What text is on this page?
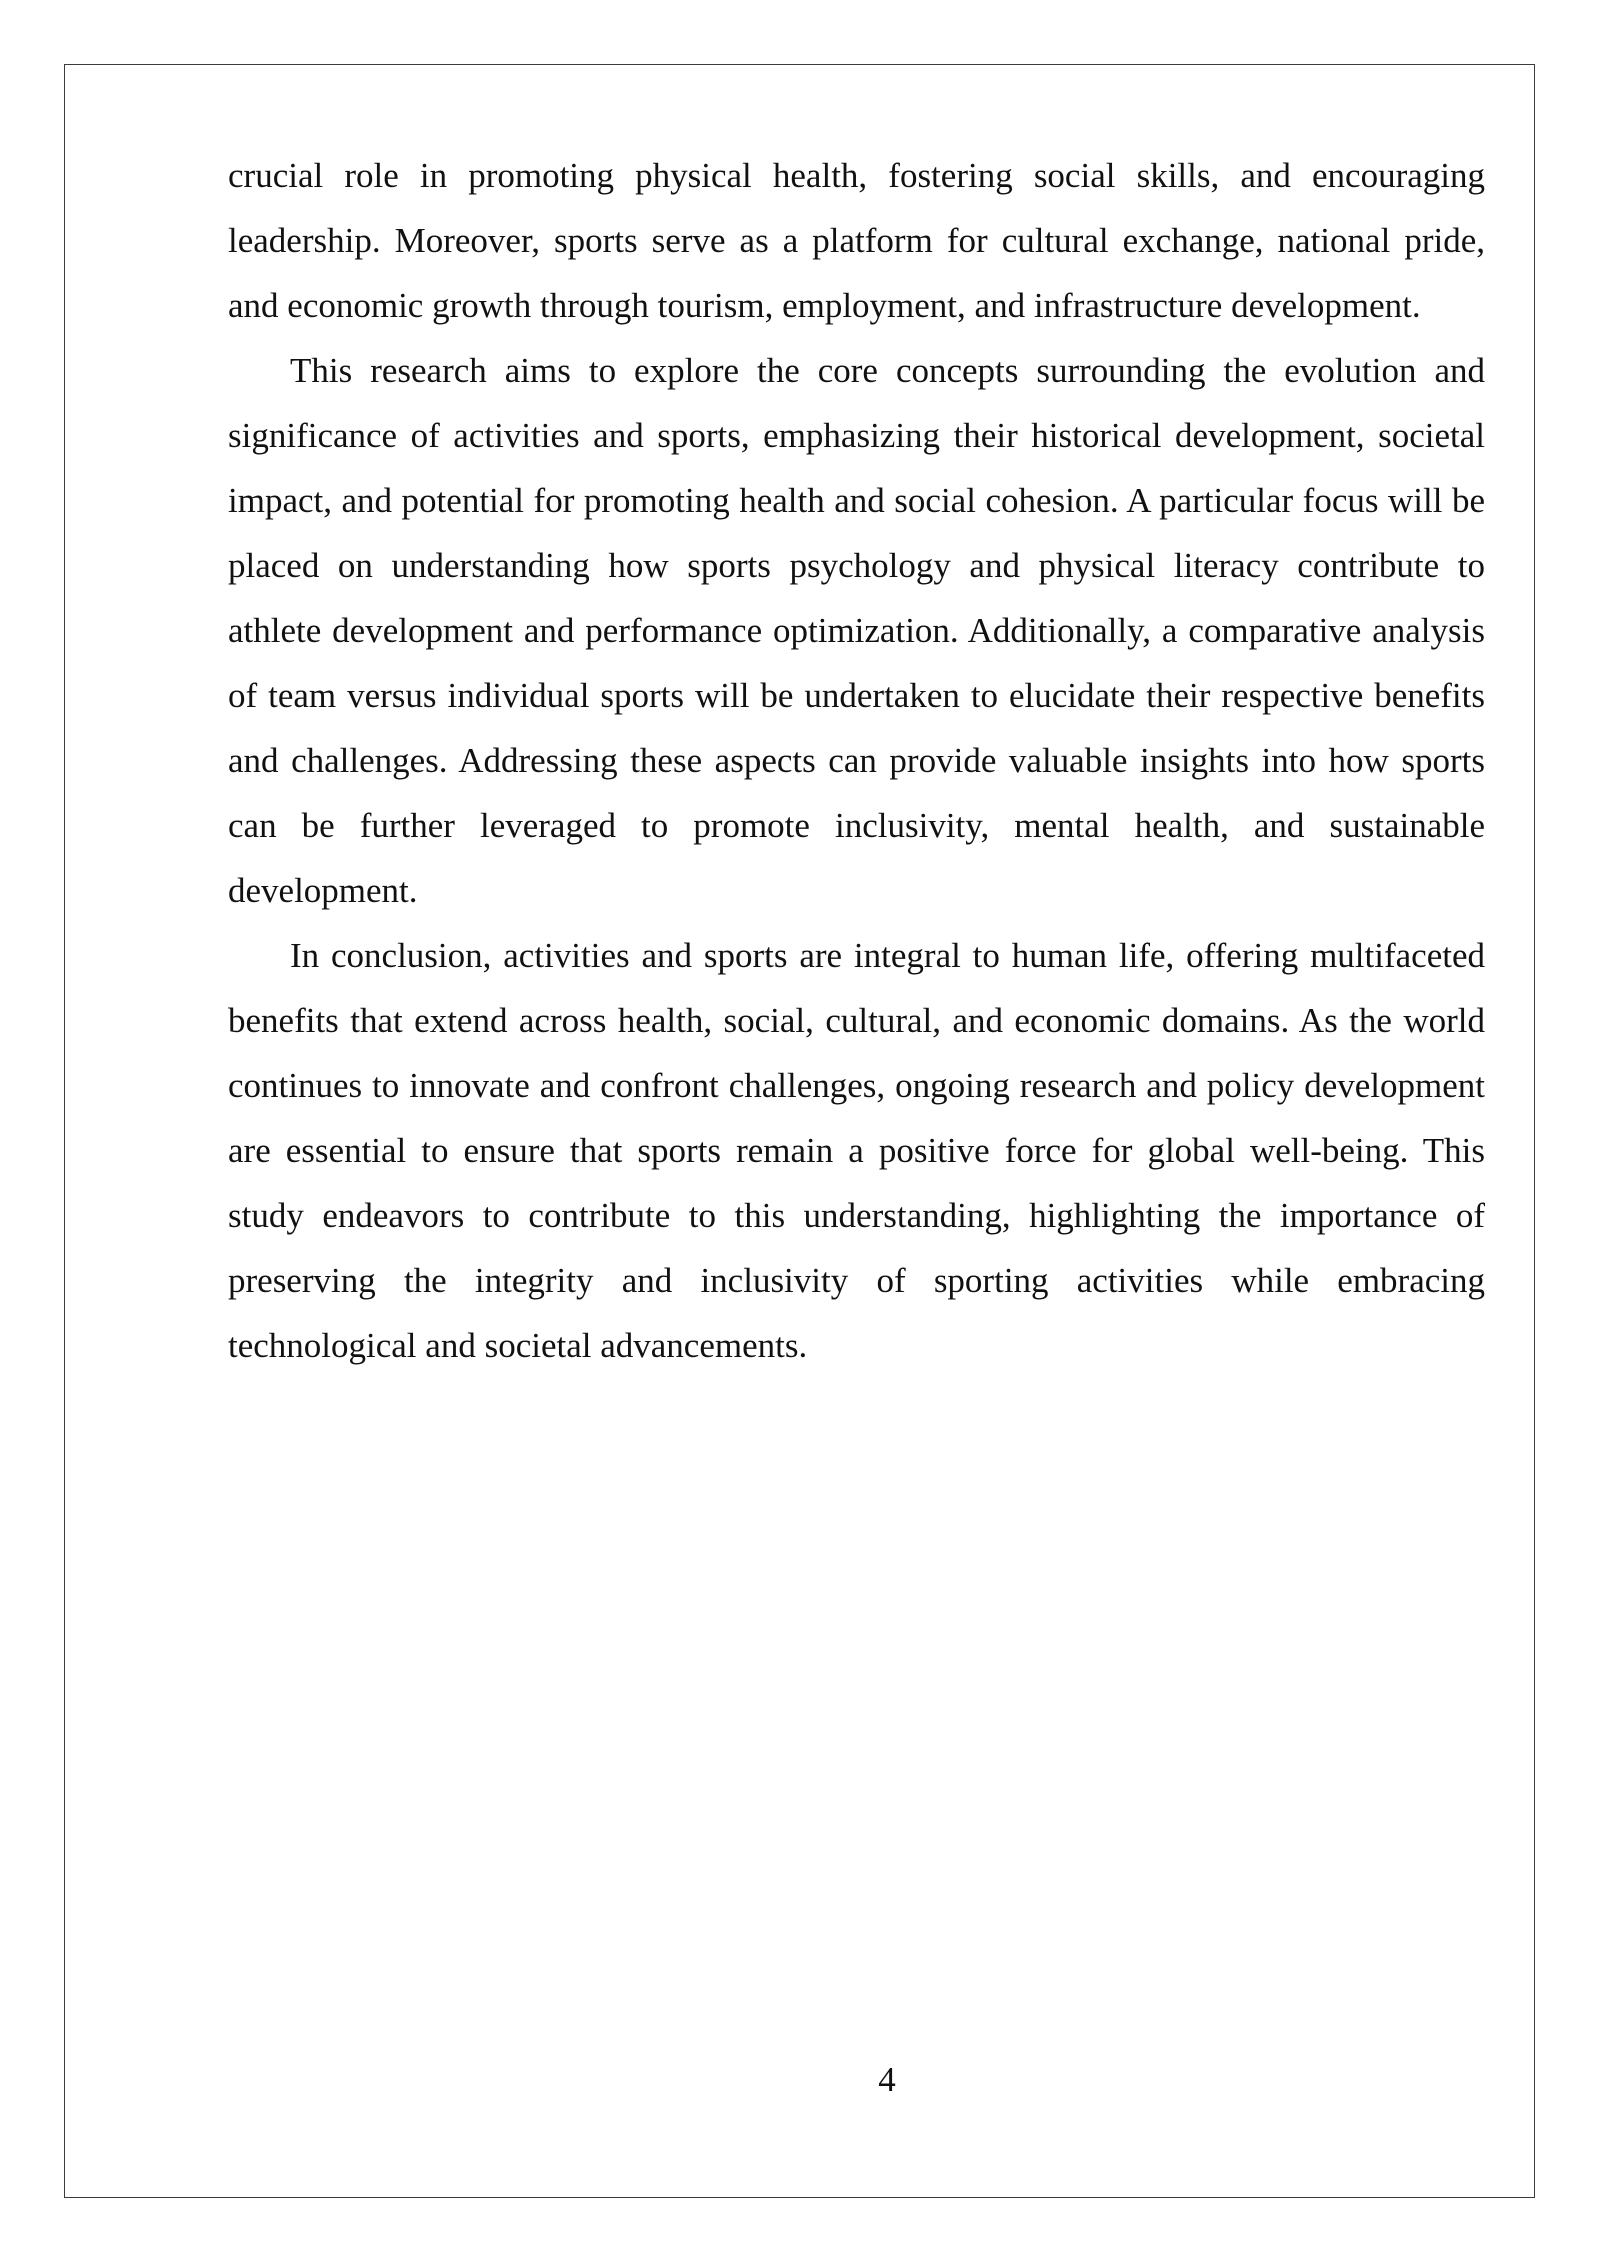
crucial role in promoting physical health, fostering social skills, and encouraging leadership. Moreover, sports serve as a platform for cultural exchange, national pride, and economic growth through tourism, employment, and infrastructure development.

This research aims to explore the core concepts surrounding the evolution and significance of activities and sports, emphasizing their historical development, societal impact, and potential for promoting health and social cohesion. A particular focus will be placed on understanding how sports psychology and physical literacy contribute to athlete development and performance optimization. Additionally, a comparative analysis of team versus individual sports will be undertaken to elucidate their respective benefits and challenges. Addressing these aspects can provide valuable insights into how sports can be further leveraged to promote inclusivity, mental health, and sustainable development.

In conclusion, activities and sports are integral to human life, offering multifaceted benefits that extend across health, social, cultural, and economic domains. As the world continues to innovate and confront challenges, ongoing research and policy development are essential to ensure that sports remain a positive force for global well-being. This study endeavors to contribute to this understanding, highlighting the importance of preserving the integrity and inclusivity of sporting activities while embracing technological and societal advancements.

4
